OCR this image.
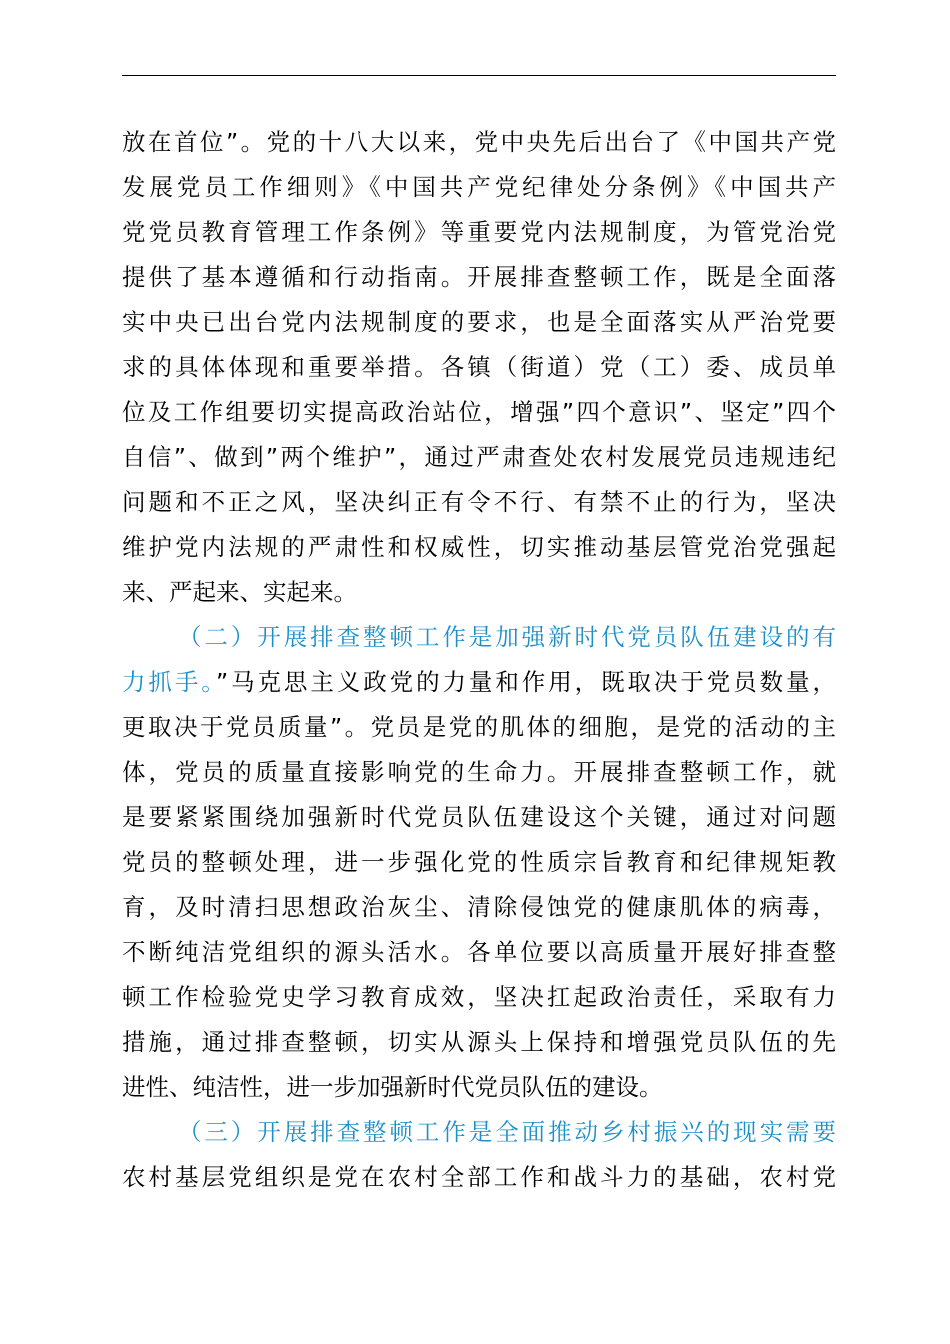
放在首位”。党的十八大以来，党中央先后出台了《中国共产党
发展党员工作细则》《中国共产党纪律处分条例》《中国共产
党党员教育管理工作条例》等重要党内法规制度，为管党治党
提供了基本遵循和行动指南。开展排查整顿工作，既是全面落
实中央已出台党内法规制度的要求，也是全面落实从严治党要
求的具体体现和重要举措。各镇（街道）党（工）委、成员单
位及工作组要切实提高政治站位，增强”四个意识”、坚定”四个
自信”、做到”两个维护”，通过严肃查处农村发展党员违规违纪
问题和不正之风，坚决纠正有令不行、有禁不止的行为，坚决
维护党内法规的严肃性和权威性，切实推动基层管党治党强起
来、严起来、实起来。
（二）开展排查整顿工作是加强新时代党员队伍建设的有
力抓手。”马克思主义政党的力量和作用，既取决于党员数量，
更取决于党员质量”。党员是党的肌体的细胞，是党的活动的主
体，党员的质量直接影响党的生命力。开展排查整顿工作，就
是要紧紧围绕加强新时代党员队伍建设这个关键，通过对问题
党员的整顿处理，进一步强化党的性质宗旨教育和纪律规矩教
育，及时清扫思想政治灰尘、清除侵蚀党的健康肌体的病毒，
不断纯洁党组织的源头活水。各单位要以高质量开展好排查整
顿工作检验党史学习教育成效，坚决扛起政治责任，采取有力
措施，通过排查整顿，切实从源头上保持和增强党员队伍的先
进性、纯洁性，进一步加强新时代党员队伍的建设。
（三）开展排查整顿工作是全面推动乡村振兴的现实需要
农村基层党组织是党在农村全部工作和战斗力的基础，农村党
